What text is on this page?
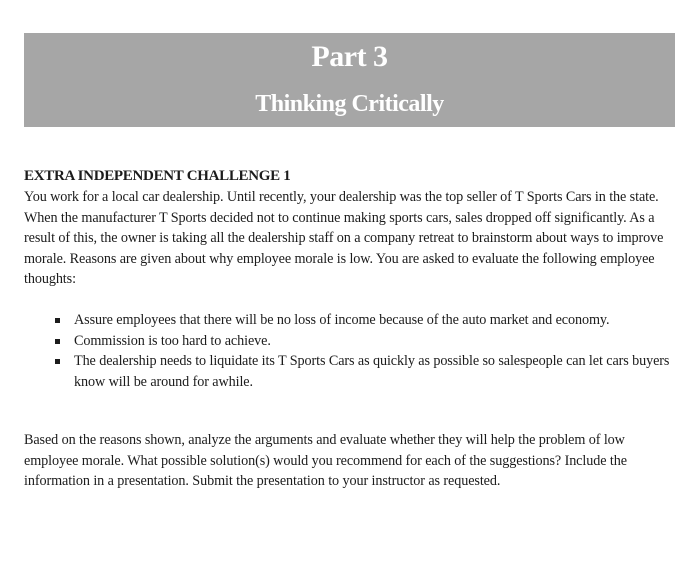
Part 3
Thinking Critically
EXTRA INDEPENDENT CHALLENGE 1
You work for a local car dealership. Until recently, your dealership was the top seller of T Sports Cars in the state. When the manufacturer T Sports decided not to continue making sports cars, sales dropped off significantly. As a result of this, the owner is taking all the dealership staff on a company retreat to brainstorm about ways to improve morale. Reasons are given about why employee morale is low. You are asked to evaluate the following employee thoughts:
Assure employees that there will be no loss of income because of the auto market and economy.
Commission is too hard to achieve.
The dealership needs to liquidate its T Sports Cars as quickly as possible so salespeople can let cars buyers know will be around for awhile.
Based on the reasons shown, analyze the arguments and evaluate whether they will help the problem of low employee morale. What possible solution(s) would you recommend for each of the suggestions? Include the information in a presentation. Submit the presentation to your instructor as requested.
